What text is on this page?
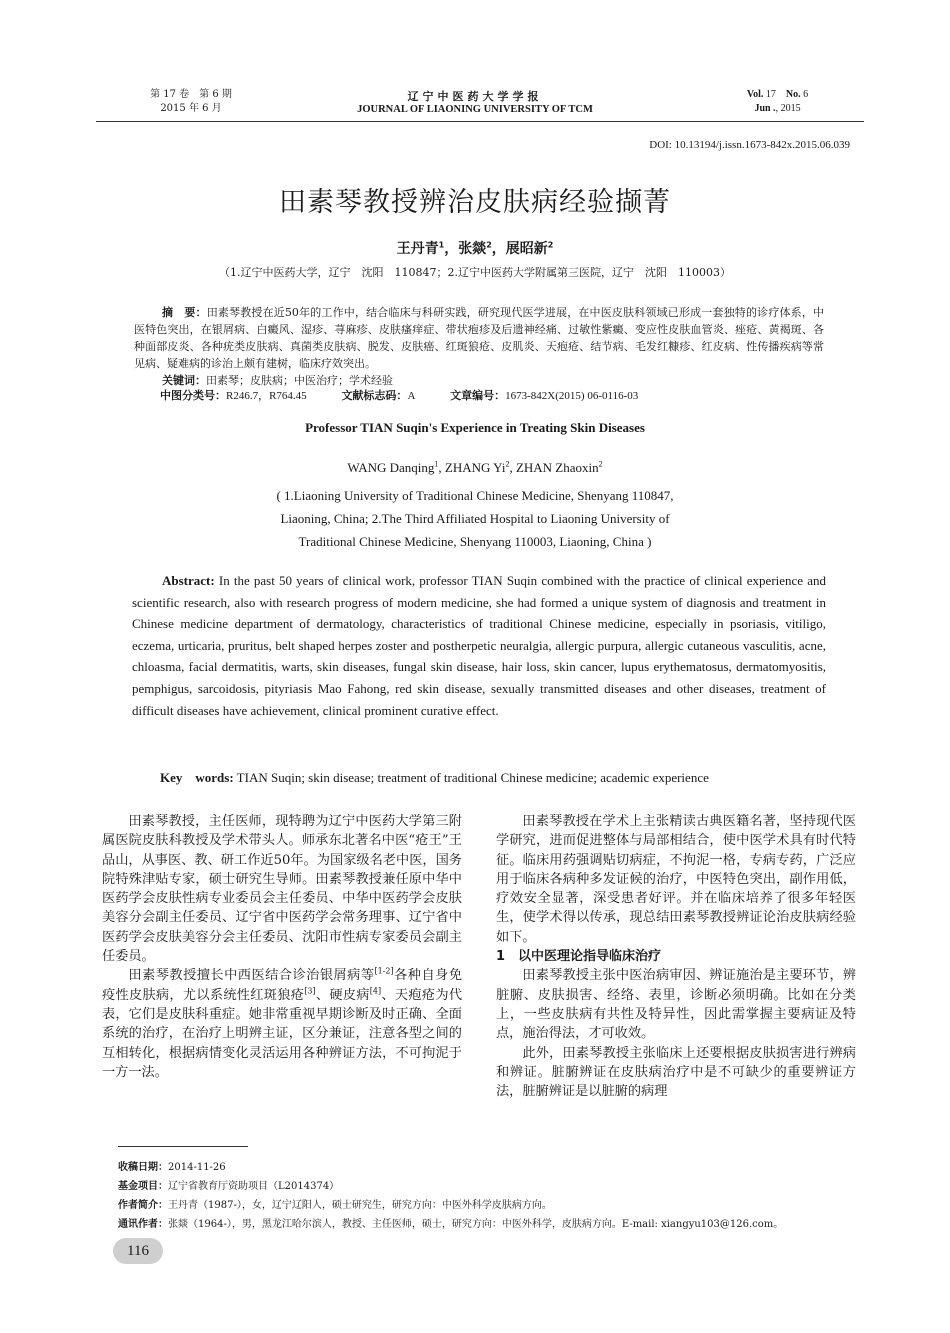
第 17 卷　第 6 期
2015 年 6 月
辽宁中医药大学学报
JOURNAL OF LIAONING UNIVERSITY OF TCM
Vol. 17　No. 6
Jun ., 2015
DOI: 10.13194/j.issn.1673-842x.2015.06.039
田素琴教授辨治皮肤病经验撷菁
王丹青$^1$，张燚$^2$，展昭新$^2$
（1.辽宁中医药大学，辽宁　沈阳　110847；2.辽宁中医药大学附属第三医院，辽宁　沈阳　110003）
摘　要：田素琴教授在近50年的工作中，结合临床与科研实践，研究现代医学进展，在中医皮肤科领域已形成一套独特的诊疗体系，中医特色突出，在银屑病、白癜风、湿疹、荨麻疹、皮肤瘙痒症、带状疱疹及后遗神经痛、过敏性紫癜、变应性皮肤血管炎、痤疮、黄褐斑、各种面部皮炎、各种疣类皮肤病、真菌类皮肤病、脱发、皮肤癌、红斑狼疮、皮肌炎、天疱疮、结节病、毛发红糠疹、红皮病、性传播疾病等常见病、疑难病的诊治上颇有建树，临床疗效突出。
关键词：田素琴；皮肤病；中医治疗；学术经验
中图分类号：R246.7，R764.45	文献标志码：A	文章编号：1673-842X(2015) 06-0116-03
Professor TIAN Suqin's Experience in Treating Skin Diseases
WANG Danqing$^1$, ZHANG Yi$^2$, ZHAN Zhaoxin$^2$
( 1.Liaoning University of Traditional Chinese Medicine, Shenyang 110847,
Liaoning, China; 2.The Third Affiliated Hospital to Liaoning University of
Traditional Chinese Medicine, Shenyang 110003, Liaoning, China )
Abstract: In the past 50 years of clinical work, professor TIAN Suqin combined with the practice of clinical experience and scientific research, also with research progress of modern medicine, she had formed a unique system of diagnosis and treatment in Chinese medicine department of dermatology, characteristics of traditional Chinese medicine, especially in psoriasis, vitiligo, eczema, urticaria, pruritus, belt shaped herpes zoster and postherpetic neuralgia, allergic purpura, allergic cutaneous vasculitis, acne, chloasma, facial dermatitis, warts, skin diseases, fungal skin disease, hair loss, skin cancer, lupus erythematosus, dermatomyositis, pemphigus, sarcoidosis, pityriasis Mao Fahong, red skin disease, sexually transmitted diseases and other diseases, treatment of difficult diseases have achievement, clinical prominent curative effect.
Key　words: TIAN Suqin; skin disease; treatment of traditional Chinese medicine; academic experience

田素琴教授，主任医师，现特聘为辽宁中医药大学第三附属医院皮肤科教授及学术带头人。师承东北著名中医“疮王”王品山，从事医、教、研工作近50年。为国家级名老中医，国务院特殊津贴专家，硕士研究生导师。田素琴教授兼任原中华中医药学会皮肤性病专业委员会主任委员、中华中医药学会皮肤美容分会副主任委员、辽宁省中医药学会常务理事、辽宁省中医药学会皮肤美容分会主任委员、沈阳市性病专家委员会副主任委员。

田素琴教授擅长中西医结合诊治银屑病等[1-2]各种自身免疫性皮肤病，尤以系统性红斑狼疮[3]、硬皮病[4]、天疱疮为代表，它们是皮肤科重症。她非常重视早期诊断及时正确、全面系统的治疗，在治疗上明辨主证，区分兼证，注意各型之间的互相转化，根据病情变化灵活运用各种辨证方法，不可拘泥于一方一法。

田素琴教授在学术上主张精读古典医籍名著，坚持现代医学研究，进而促进整体与局部相结合，使中医学术具有时代特征。临床用药强调贴切病症，不拘泥一格，专病专药，广泛应用于临床各病种多发证候的治疗，中医特色突出，副作用低，疗效安全显著，深受患者好评。并在临床培养了很多年轻医生，使学术得以传承，现总结田素琴教授辨证论治皮肤病经验如下。

1　以中医理论指导临床治疗

田素琴教授主张中医治病审因、辨证施治是主要环节，辨脏腑、皮肤损害、经络、表里，诊断必须明确。比如在分类上，一些皮肤病有共性及特异性，因此需掌握主要病证及特点，施治得法，才可收效。

此外，田素琴教授主张临床上还要根据皮肤损害进行辨病和辨证。脏腑辨证在皮肤病治疗中是不可缺少的重要辨证方法，脏腑辨证是以脏腑的病理

收稿日期：2014-11-26
基金项目：辽宁省教育厅资助项目（L2014374）
作者简介：王丹青（1987-），女，辽宁辽阳人，硕士研究生，研究方向：中医外科学皮肤病方向。
通讯作者：张燚（1964-），男，黑龙江哈尔滨人，教授、主任医师，硕士，研究方向：中医外科学，皮肤病方向。E-mail: xiangyu103@126.com。
116
